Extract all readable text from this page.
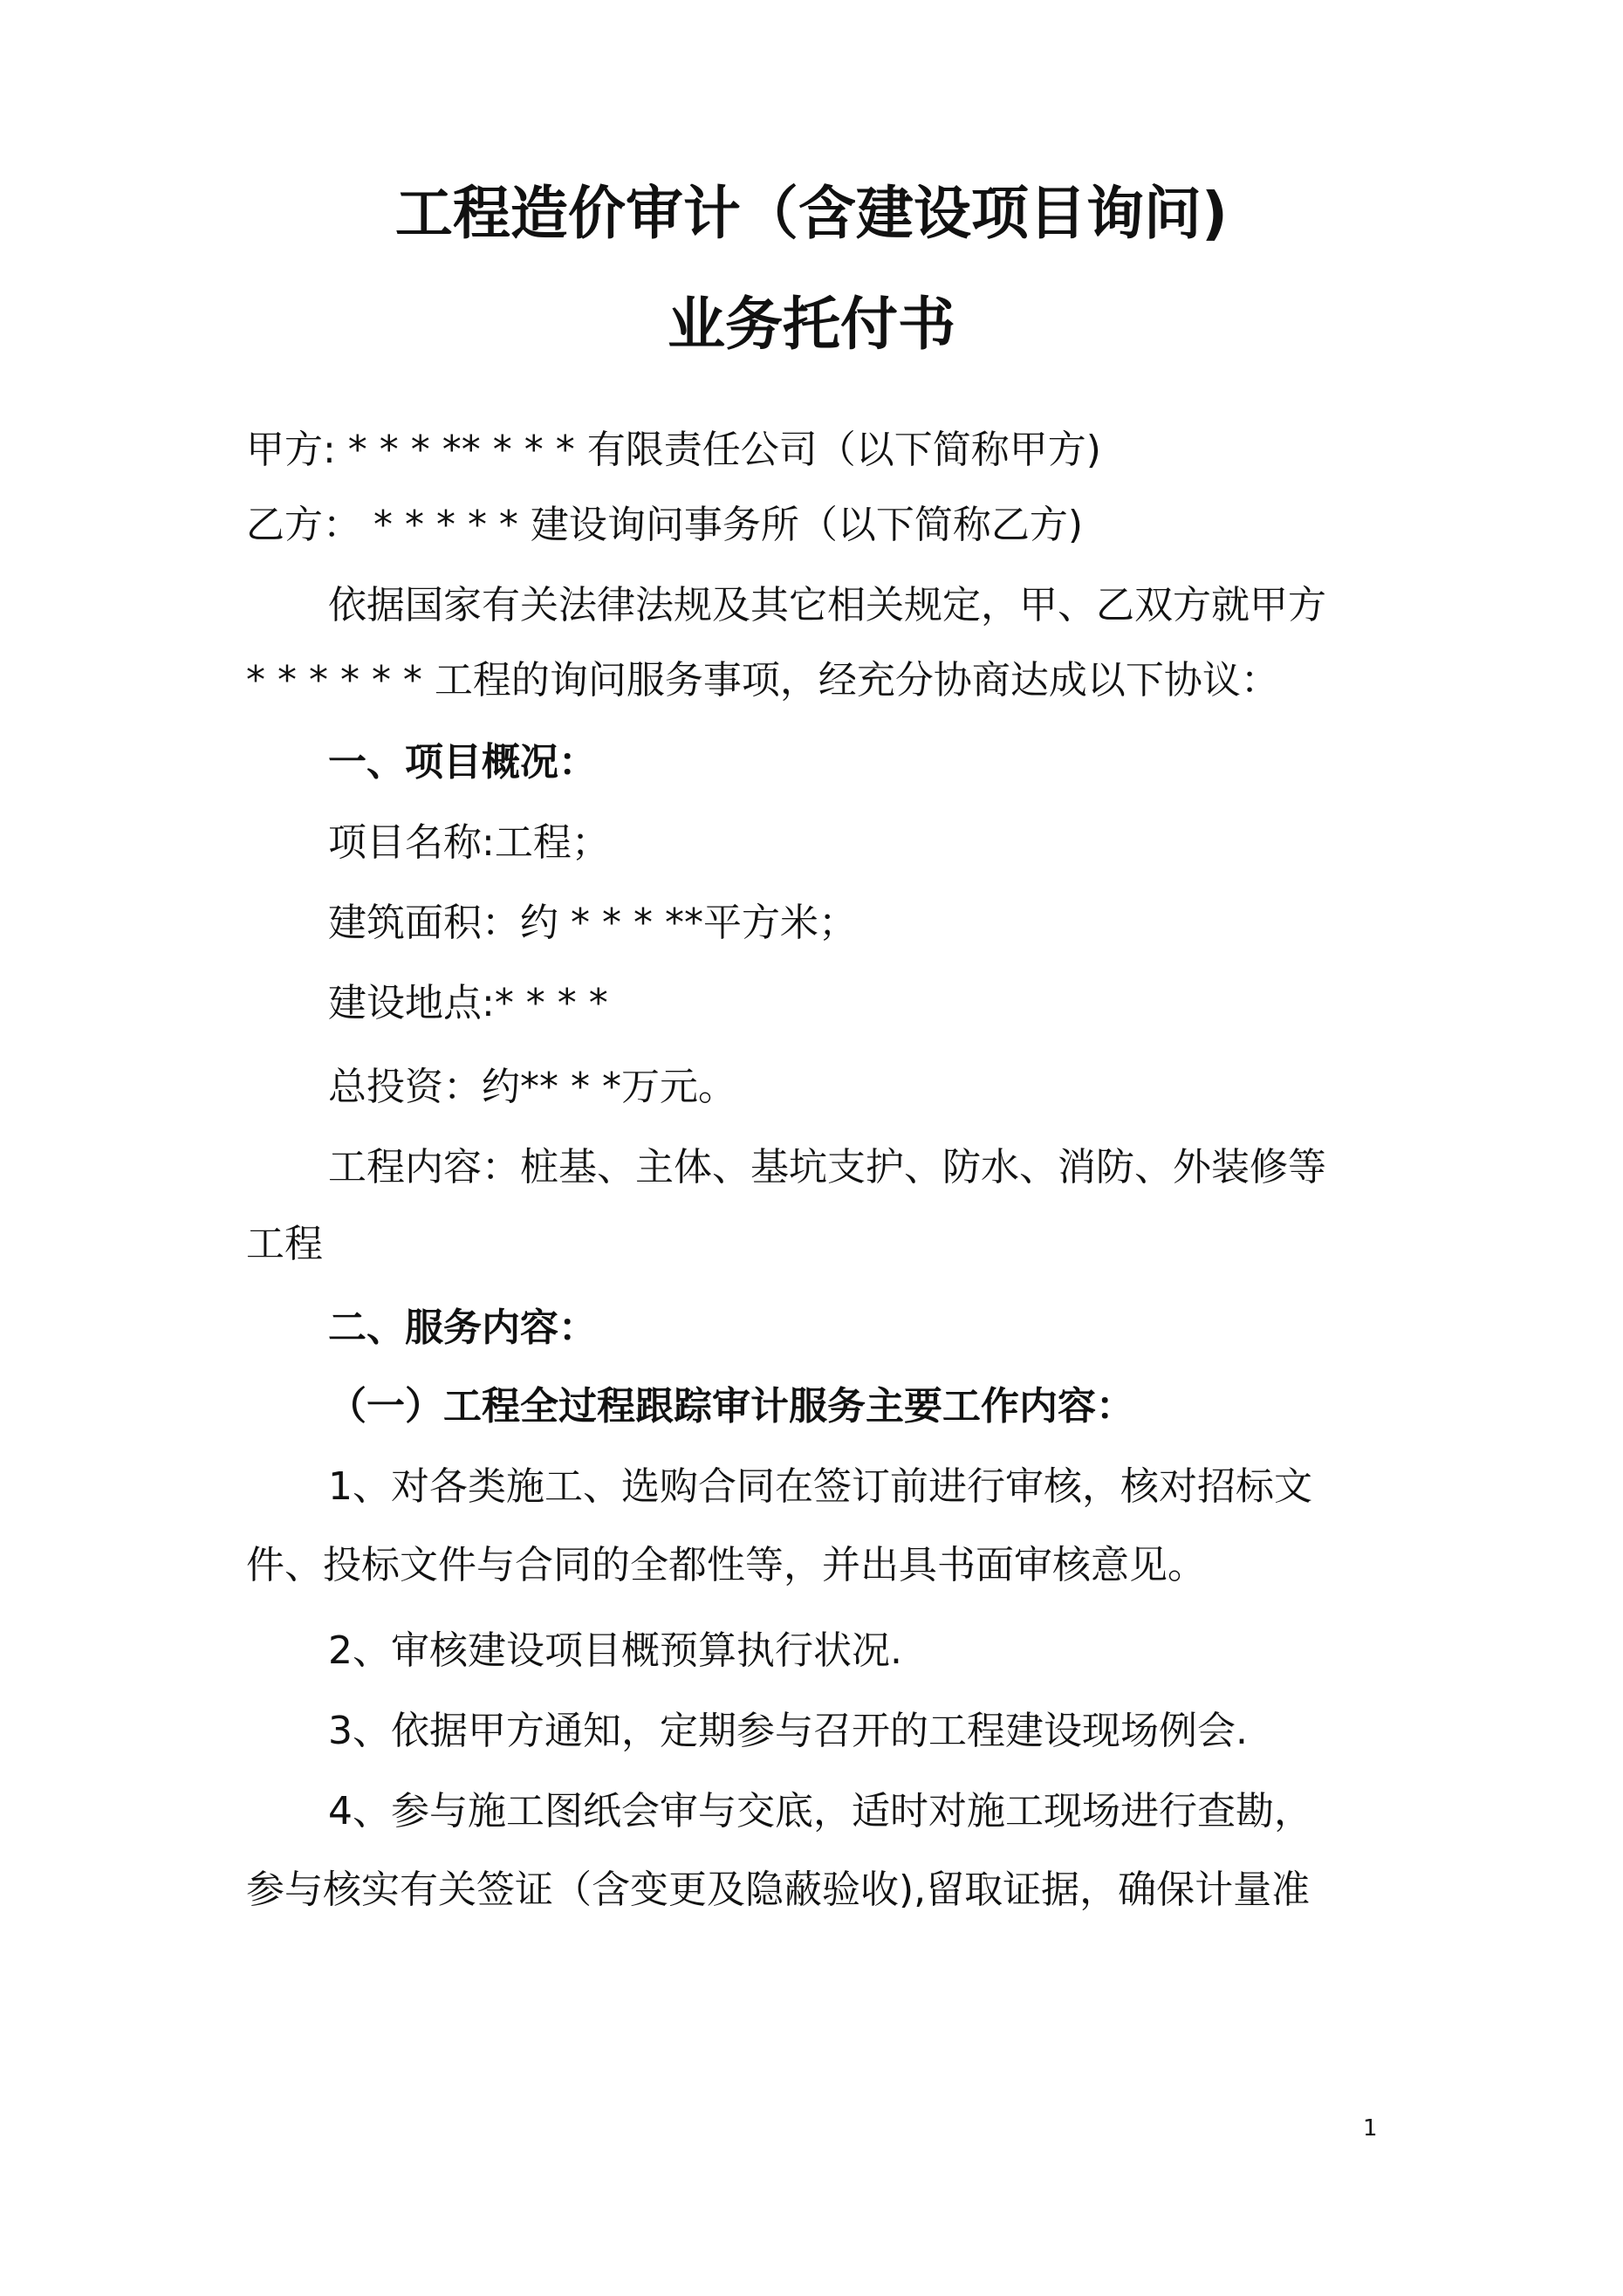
工程造价审计（含建设项目询问)
业务托付书

甲方: * * * ** * * * 有限责任公司（以下简称甲方)

乙方： * * * * * 建设询问事务所（以下简称乙方)

依据国家有关法律法规及其它相关规定，甲、乙双方就甲方

* * * * * * 工程的询问服务事项，经充分协商达成以下协议：

一、项目概况：

项目名称:工程；

建筑面积：约 * * * **平方米；

建设地点:* * * *

总投资：约** * *万元。

工程内容：桩基、主体、基坑支护、防水、消防、外装修等

工程

二、服务内容：

（一）工程全过程跟踪审计服务主要工作内容：

1、对各类施工、选购合同在签订前进行审核，核对招标文

件、投标文件与合同的全都性等，并出具书面审核意见。

2、审核建设项目概预算执行状况.

3、依据甲方通知，定期参与召开的工程建设现场例会.

4、参与施工图纸会审与交底，适时对施工现场进行查勘，

参与核实有关签证（含变更及隐蔽验收),留取证据，确保计量准

1
